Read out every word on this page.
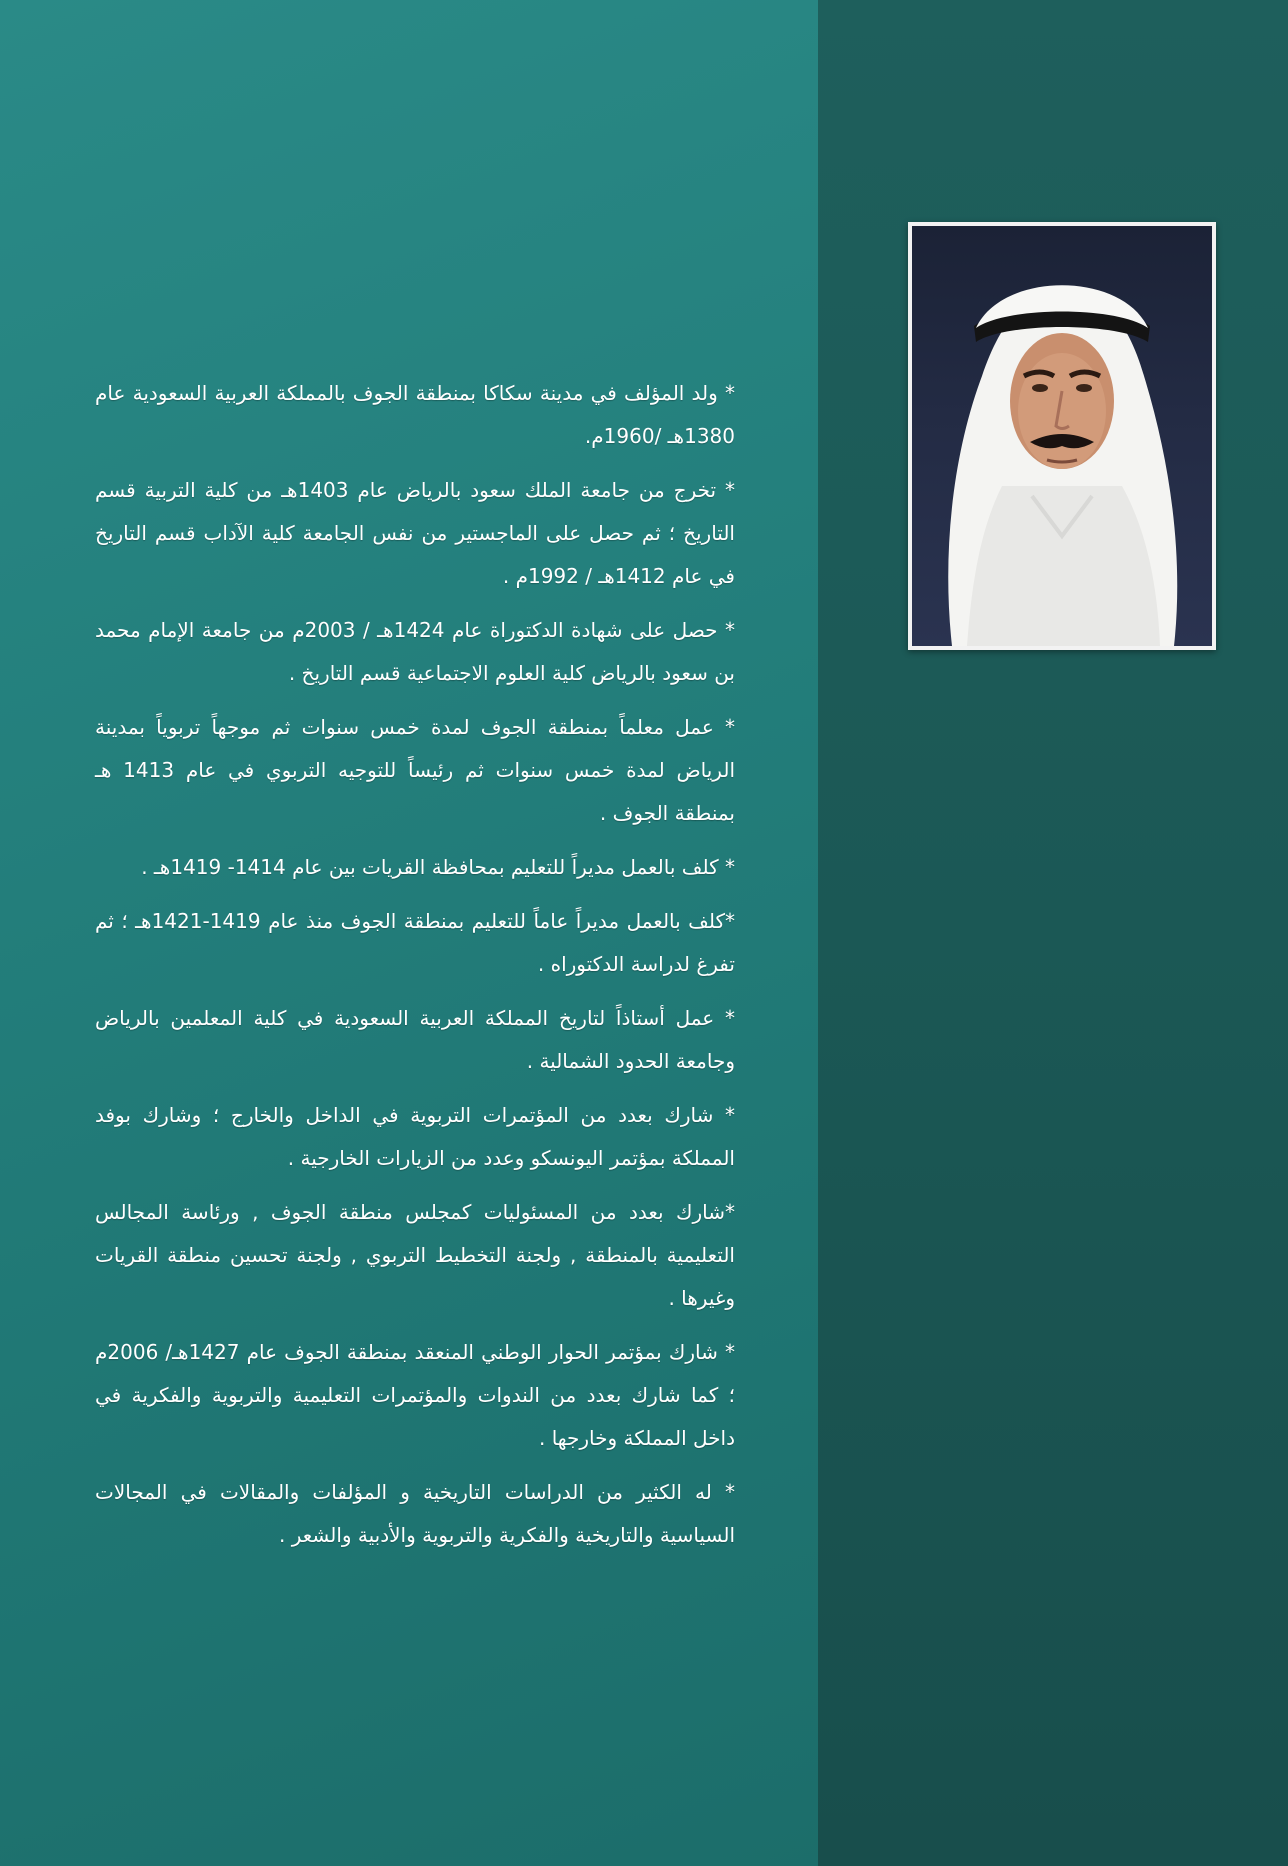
* ولد المؤلف في مدينة سكاكا بمنطقة الجوف بالمملكة العربية السعودية عام 1380هـ /1960م.

* تخرج من جامعة الملك سعود بالرياض عام 1403هـ من كلية التربية قسم التاريخ ؛ ثم حصل على الماجستير من نفس الجامعة كلية الآداب قسم التاريخ في عام 1412هـ / 1992م .

* حصل على شهادة الدكتوراة عام 1424هـ / 2003م من جامعة الإمام محمد بن سعود بالرياض كلية العلوم الاجتماعية قسم التاريخ .

* عمل معلماً بمنطقة الجوف لمدة خمس سنوات ثم موجهاً تربوياً بمدينة الرياض لمدة خمس سنوات ثم رئيساً للتوجيه التربوي في عام 1413 هـ بمنطقة الجوف .

* كلف بالعمل مديراً للتعليم بمحافظة القريات بين عام 1414- 1419هـ .

*كلف بالعمل مديراً عاماً للتعليم بمنطقة الجوف منذ عام 1419-1421هـ ؛ ثم تفرغ لدراسة الدكتوراه .

* عمل أستاذاً لتاريخ المملكة العربية السعودية في كلية المعلمين بالرياض وجامعة الحدود الشمالية .

* شارك بعدد من المؤتمرات التربوية في الداخل والخارج ؛ وشارك بوفد المملكة بمؤتمر اليونسكو وعدد من الزيارات الخارجية .

*شارك بعدد من المسئوليات كمجلس منطقة الجوف , ورئاسة المجالس التعليمية بالمنطقة , ولجنة التخطيط التربوي , ولجنة تحسين منطقة القريات وغيرها .

* شارك بمؤتمر الحوار الوطني المنعقد بمنطقة الجوف عام 1427هـ/ 2006م ؛ كما شارك بعدد من الندوات والمؤتمرات التعليمية والتربوية والفكرية في داخل المملكة وخارجها .

* له الكثير من الدراسات التاريخية و المؤلفات والمقالات في المجالات السياسية والتاريخية والفكرية والتربوية والأدبية والشعر .
